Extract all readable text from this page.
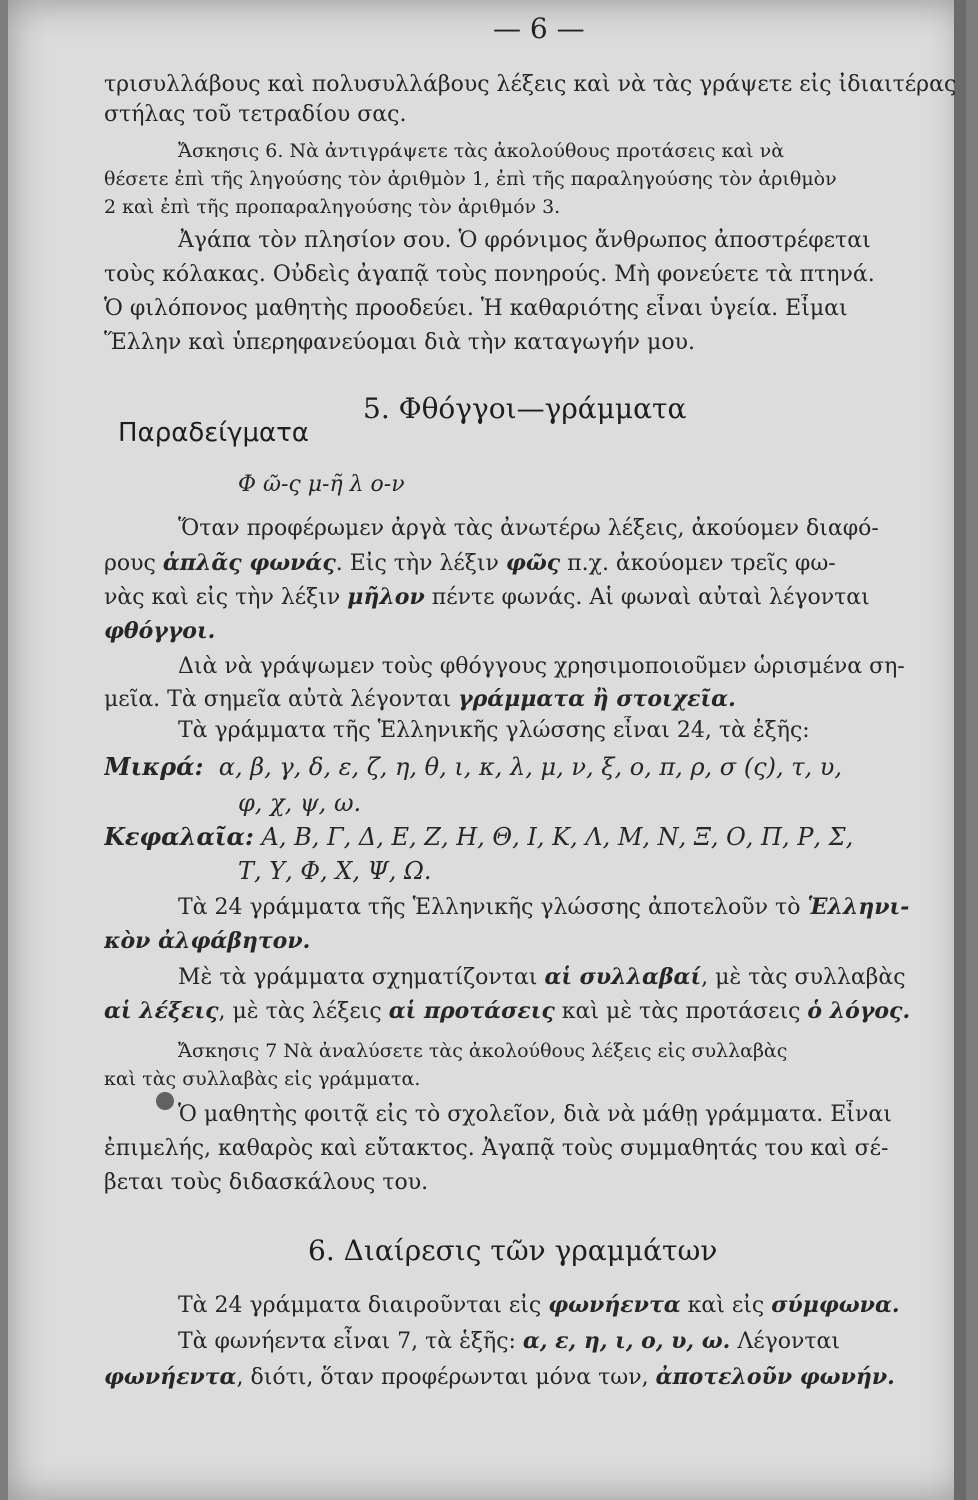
— 6 —
τρισυλλάβους καὶ πολυσυλλάβους λέξεις καὶ νὰ τὰς γράψετε εἰς ἰδιαιτέρας
στήλας τοῦ τετραδίου σας.
Ἄσκησις 6. Νὰ ἀντιγράψετε τὰς ἀκολούθους προτάσεις καὶ νὰ
θέσετε ἐπὶ τῆς ληγούσης τὸν ἀριθμὸν 1, ἐπὶ τῆς παραληγούσης τὸν ἀριθμὸν
2 καὶ ἐπὶ τῆς προπαραληγούσης τὸν ἀριθμόν 3.
Ἀγάπα τὸν πλησίον σου. Ὁ φρόνιμος ἄνθρωπος ἀποστρέφεται
τοὺς κόλακας. Οὐδεὶς ἀγαπᾷ τοὺς πονηρούς. Μὴ φονεύετε τὰ πτηνά.
Ὁ φιλόπονος μαθητὴς προοδεύει. Ἡ καθαριότης εἶναι ὑγεία. Εἶμαι
Ἕλλην καὶ ὑπερηφανεύομαι διὰ τὴν καταγωγήν μου.
Παραδείγματα
5. Φθόγγοι—γράμματα
Φ ῶ-ς μ-ῆ λ ο-ν
Ὅταν προφέρωμεν ἀργὰ τὰς ἀνωτέρω λέξεις, ἀκούομεν διαφό-
ρους ἁπλᾶς φωνάς. Εἰς τὴν λέξιν φῶς π.χ. ἀκούομεν τρεῖς φω-
νὰς καὶ εἰς τὴν λέξιν μῆλον πέντε φωνάς. Αἱ φωναὶ αὐταὶ λέγονται
φθόγγοι.
Διὰ νὰ γράψωμεν τοὺς φθόγγους χρησιμοποιοῦμεν ὡρισμένα ση-
μεῖα. Τὰ σημεῖα αὐτὰ λέγονται γράμματα ἢ στοιχεῖα.
Τὰ γράμματα τῆς Ἑλληνικῆς γλώσσης εἶναι 24, τὰ ἑξῆς:
Μικρά: α, β, γ, δ, ε, ζ, η, θ, ι, κ, λ, μ, ν, ξ, ο, π, ρ, σ (ς), τ, υ,
φ, χ, ψ, ω.
Κεφαλαῖα: Α, Β, Γ, Δ, Ε, Ζ, Η, Θ, Ι, Κ, Λ, Μ, Ν, Ξ, Ο, Π, Ρ, Σ,
Τ, Υ, Φ, Χ, Ψ, Ω.
Τὰ 24 γράμματα τῆς Ἑλληνικῆς γλώσσης ἀποτελοῦν τὸ Ἑλληνι-
κὸν ἀλφάβητον.
Μὲ τὰ γράμματα σχηματίζονται αἱ συλλαβαί, μὲ τὰς συλλαβὰς
αἱ λέξεις, μὲ τὰς λέξεις αἱ προτάσεις καὶ μὲ τὰς προτάσεις ὁ λόγος.
Ἄσκησις 7 Νὰ ἀναλύσετε τὰς ἀκολούθους λέξεις εἰς συλλαβὰς
καὶ τὰς συλλαβὰς εἰς γράμματα.
Ὁ μαθητὴς φοιτᾷ εἰς τὸ σχολεῖον, διὰ νὰ μάθῃ γράμματα. Εἶναι
ἐπιμελής, καθαρὸς καὶ εὔτακτος. Ἀγαπᾷ τοὺς συμμαθητάς του καὶ σέ-
βεται τοὺς διδασκάλους του.
6. Διαίρεσις τῶν γραμμάτων
Τὰ 24 γράμματα διαιροῦνται εἰς φωνήεντα καὶ εἰς σύμφωνα.
Τὰ φωνήεντα εἶναι 7, τὰ ἑξῆς: α, ε, η, ι, ο, υ, ω. Λέγονται
φωνήεντα, διότι, ὅταν προφέρωνται μόνα των, ἀποτελοῦν φωνήν.
